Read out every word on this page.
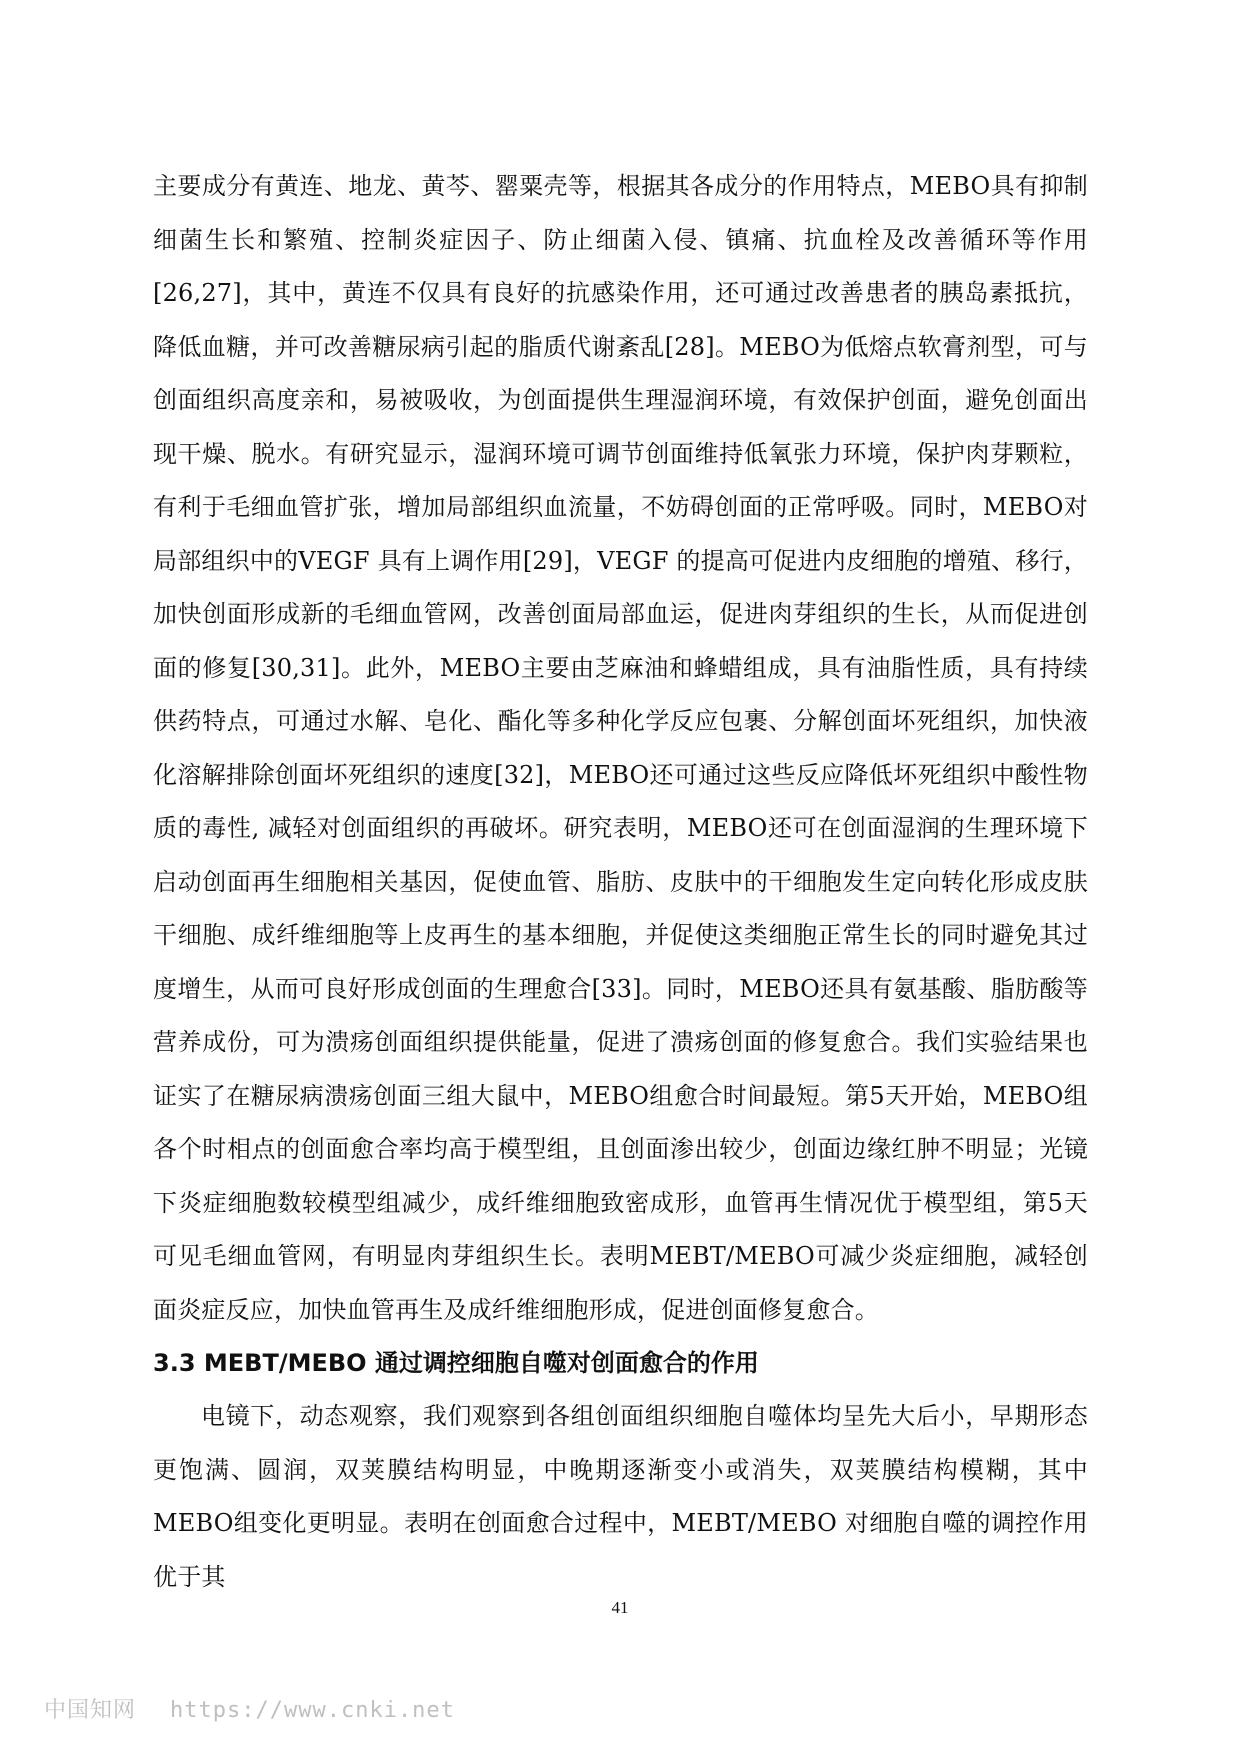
主要成分有黄连、地龙、黄芩、罂粟壳等，根据其各成分的作用特点，MEBO具有抑制细菌生长和繁殖、控制炎症因子、防止细菌入侵、镇痛、抗血栓及改善循环等作用[26,27]，其中，黄连不仅具有良好的抗感染作用，还可通过改善患者的胰岛素抵抗，降低血糖，并可改善糖尿病引起的脂质代谢紊乱[28]。MEBO为低熔点软膏剂型，可与创面组织高度亲和，易被吸收，为创面提供生理湿润环境，有效保护创面，避免创面出现干燥、脱水。有研究显示，湿润环境可调节创面维持低氧张力环境，保护肉芽颗粒，有利于毛细血管扩张，增加局部组织血流量，不妨碍创面的正常呼吸。同时，MEBO对局部组织中的VEGF 具有上调作用[29]，VEGF 的提高可促进内皮细胞的增殖、移行，加快创面形成新的毛细血管网，改善创面局部血运，促进肉芽组织的生长，从而促进创面的修复[30,31]。此外，MEBO主要由芝麻油和蜂蜡组成，具有油脂性质，具有持续供药特点，可通过水解、皂化、酯化等多种化学反应包裹、分解创面坏死组织，加快液化溶解排除创面坏死组织的速度[32]，MEBO还可通过这些反应降低坏死组织中酸性物质的毒性, 减轻对创面组织的再破坏。研究表明，MEBO还可在创面湿润的生理环境下启动创面再生细胞相关基因，促使血管、脂肪、皮肤中的干细胞发生定向转化形成皮肤干细胞、成纤维细胞等上皮再生的基本细胞，并促使这类细胞正常生长的同时避免其过度增生，从而可良好形成创面的生理愈合[33]。同时，MEBO还具有氨基酸、脂肪酸等营养成份，可为溃疡创面组织提供能量，促进了溃疡创面的修复愈合。我们实验结果也证实了在糖尿病溃疡创面三组大鼠中，MEBO组愈合时间最短。第5天开始，MEBO组各个时相点的创面愈合率均高于模型组，且创面渗出较少，创面边缘红肿不明显；光镜下炎症细胞数较模型组减少，成纤维细胞致密成形，血管再生情况优于模型组，第5天可见毛细血管网，有明显肉芽组织生长。表明MEBT/MEBO可减少炎症细胞，减轻创面炎症反应，加快血管再生及成纤维细胞形成，促进创面修复愈合。

3.3 MEBT/MEBO 通过调控细胞自噬对创面愈合的作用

电镜下，动态观察，我们观察到各组创面组织细胞自噬体均呈先大后小，早期形态更饱满、圆润，双荚膜结构明显，中晚期逐渐变小或消失，双荚膜结构模糊，其中MEBO组变化更明显。表明在创面愈合过程中，MEBT/MEBO 对细胞自噬的调控作用优于其

41
中国知网 https://www.cnki.net
